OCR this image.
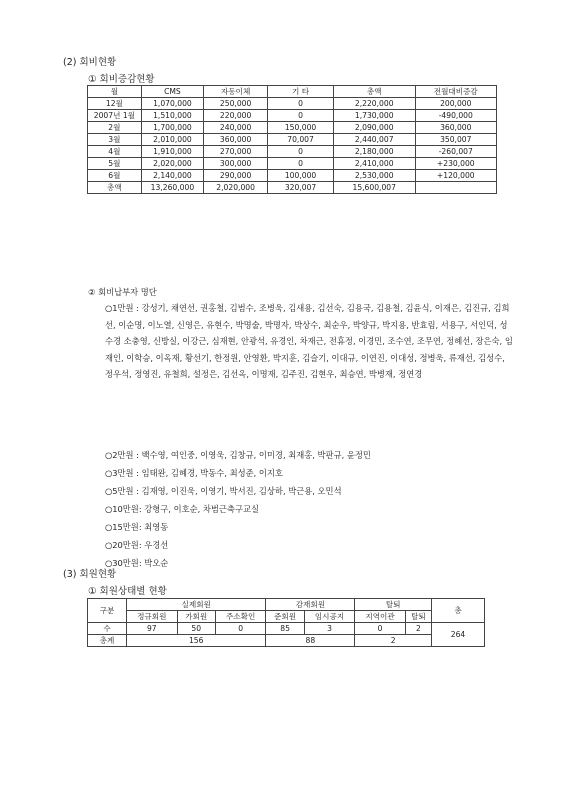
(2) 회비현황
① 회비증감현황
월	CMS	자동이체	기 타	총액	전월대비증감
12월	1,070,000	250,000	0	2,220,000	200,000
2007년 1월	1,510,000	220,000	0	1,730,000	-490,000
2월	1,700,000	240,000	150,000	2,090,000	360,000
3월	2,010,000	360,000	70,007	2,440,007	350,007
4월	1,910,000	270,000	0	2,180,000	-260,007
5월	2,020,000	300,000	0	2,410,000	+230,000
6월	2,140,000	290,000	100,000	2,530,000	+120,000
총액	13,260,000	2,020,000	320,007	15,600,007	
② 회비납부자 명단
○1만원 : 강성기, 채연선, 권홍철, 김범수, 조병욱, 김새용, 김선숙, 김용국, 김용철, 김윤식, 이재은, 김진규, 김희선, 이순명, 이노열, 신영은, 유현수, 박명술, 박명자, 박상수, 최순우, 박양규, 박지용, 반효림, 서용구, 서인덕, 성수경 소충영, 신방실, 이강근, 심재현, 안광석, 유경인, 차재근, 전휴정, 이경민, 조수연, 조무연, 정혜선, 장은숙, 임재인, 이학승, 이옥재, 황선기, 한정원, 안영환, 박지훈, 김슬기, 이대규, 이연진, 이대성, 정병욱, 류재선, 김성수, 정우석, 정영진, 유철희, 설정은, 김선옥, 이명재, 김주진, 김현우, 최승연, 박병재, 정연경
○2만원 : 백수영, 여인중, 이영욱, 김창규, 이미경, 최재홍, 박판규, 윤정민
○3만원 : 임태완, 김혜경, 박동수, 최성준, 이지호
○5만원 : 김재영, 이진욱, 이영기, 박서진, 김상하, 박근용, 오민석
○10만원: 강형구, 이호순, 차범근축구교실
○15만원: 최영동
○20만원: 우경선
○30만원: 박오순
(3) 회원현황
① 회원상태별 현황
구분	실제회원			감재회원		탈퇴		총
	정규회원	가회원	주소확인	준회원	임시공지	지역이관	탈퇴	
수	97	50	0	85	3	0	2	264
총계	156			88		2		
